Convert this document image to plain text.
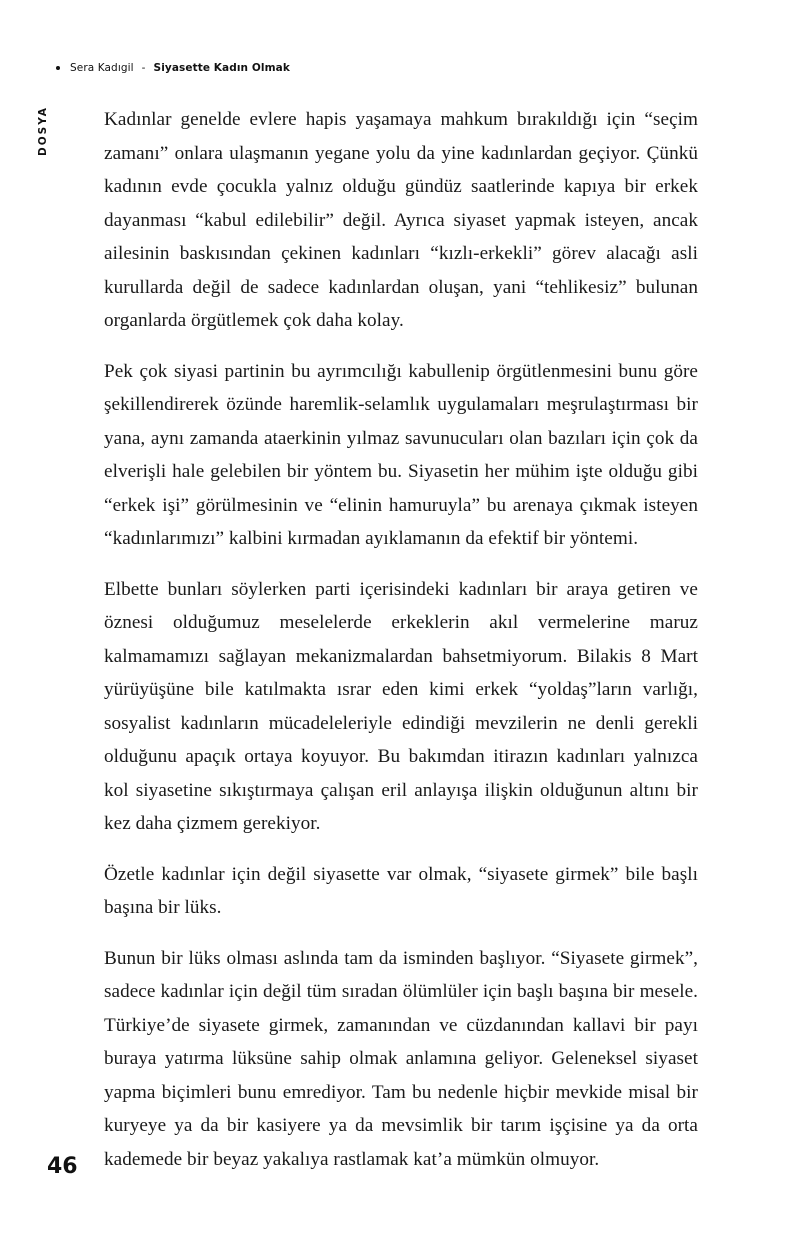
Sera Kadıgil - Siyasette Kadın Olmak
DOSYA	Kadınlar genelde evlere hapis yaşamaya mahkum bırakıldığı için “seçim zamanı” onlara ulaşmanın yegane yolu da yine kadınlardan geçiyor. Çünkü kadının evde çocukla yalnız olduğu gündüz saatlerinde kapıya bir erkek dayanması “kabul edilebilir” değil. Ayrıca siyaset yapmak isteyen, ancak ailesinin baskısından çekinen kadınları “kızlı-erkekli” görev alacağı asli kurullarda değil de sadece kadınlardan oluşan, yani “tehlikesiz” bulunan organlarda örgütlemek çok daha kolay.

Pek çok siyasi partinin bu ayrımcılığı kabullenip örgütlenmesini bunu göre şekillendirerek özünde haremlik-selamlık uygulamaları meşrulaştırması bir yana, aynı zamanda ataerkinin yılmaz savunucuları olan bazıları için çok da elverişli hale gelebilen bir yöntem bu. Siyasetin her mühim işte olduğu gibi “erkek işi” görülmesinin ve “elinin hamuruyla” bu arenaya çıkmak isteyen “kadınlarımızı” kalbini kırmadan ayıklamanın da efektif bir yöntemi.

Elbette bunları söylerken parti içerisindeki kadınları bir araya getiren ve öznesi olduğumuz meselelerde erkeklerin akıl vermelerine maruz kalmamamızı sağlayan mekanizmalardan bahsetmiyorum. Bilakis 8 Mart yürüyüşüne bile katılmakta ısrar eden kimi erkek “yoldaş”ların varlığı, sosyalist kadınların mücadeleleriyle edindiği mevzilerin ne denli gerekli olduğunu apaçık ortaya koyuyor. Bu bakımdan itirazın kadınları yalnızca kol siyasetine sıkıştırmaya çalışan eril anlayışa ilişkin olduğunun altını bir kez daha çizmem gerekiyor.

Özetle kadınlar için değil siyasette var olmak, “siyasete girmek” bile başlı başına bir lüks.

Bunun bir lüks olması aslında tam da isminden başlıyor. “Siyasete girmek”, sadece kadınlar için değil tüm sıradan ölümlüler için başlı başına bir mesele. Türkiye’de siyasete girmek, zamanından ve cüzdanından kallavi bir payı buraya yatırma lüksüne sahip olmak anlamına geliyor. Geleneksel siyaset yapma biçimleri bunu emrediyor. Tam bu nedenle hiçbir mevkide misal bir kuryeye ya da bir kasiyere ya da mevsimlik bir tarım işçisine ya da orta kademede bir beyaz yakalıya rastlamak kat’a mümkün olmuyor.

46
